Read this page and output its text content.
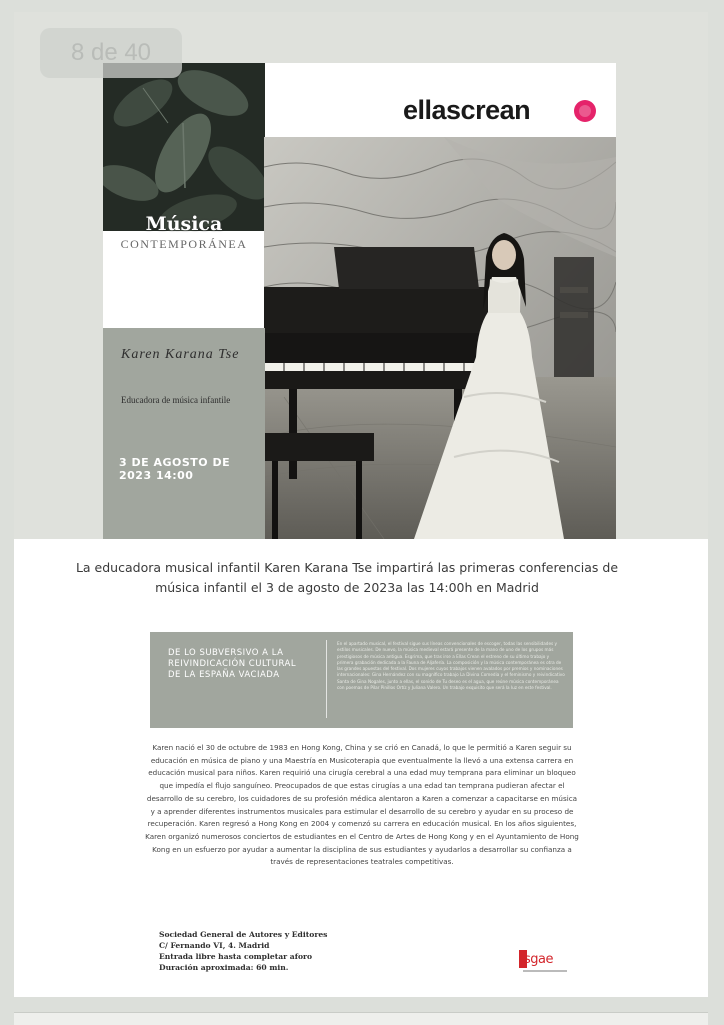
8 de 40
Música
CONTEMPORÁNEA
ellascrean
Karen Karana Tse
Educadora de música infantile
3 DE AGOSTO DE 2023 14:00
La educadora musical infantil Karen Karana Tse impartirá las primeras conferencias de música infantil el 3 de agosto de 2023a las 14:00h en Madrid
DE LO SUBVERSIVO A LA REIVINDICACIÓN CULTURAL DE LA ESPAÑA VACIADA
En el apartado musical, el festival sigue sus líneas convencionales de escoger, todas las sensibilidades y estilos musicales. De nuevo, la música medieval estará presente de la mano de uno de los grupos más prestigiosos de música antigua. Esgrima, que tras irse a Ellas Crean el estreno de su último trabajo y primera grabación dedicada a la Fauna de Aljafería. La composición y la música contemporánea es otra de las grandes apuestas del festival. Dos mujeres cuyos trabajos vienen avalados por premios y nominaciones internacionales: Gina Hernández con su magnífico trabajo La Divina Comedia y el feminismo y reivindicativo Santa de Gina Nogales, junto a ellas, el sonido de Tu deseo es el agua, que reúne música contemporánea con poemas de Pilar Pinillos Ortíz y Juliana Valero. Un trabajo exquisito que será la luz en este festival.
Karen nació el 30 de octubre de 1983 en Hong Kong, China y se crió en Canadá, lo que le permitió a Karen seguir su educación en música de piano y una Maestría en Musicoterapia que eventualmente la llevó a una extensa carrera en educación musical para niños. Karen requirió una cirugía cerebral a una edad muy temprana para eliminar un bloqueo que impedía el flujo sanguíneo. Preocupados de que estas cirugías a una edad tan temprana pudieran afectar el desarrollo de su cerebro, los cuidadores de su profesión médica alentaron a Karen a comenzar a capacitarse en música y a aprender diferentes instrumentos musicales para estimular el desarrollo de su cerebro y ayudar en su proceso de recuperación. Karen regresó a Hong Kong en 2004 y comenzó su carrera en educación musical. En los años siguientes, Karen organizó numerosos conciertos de estudiantes en el Centro de Artes de Hong Kong y en el Ayuntamiento de Hong Kong en un esfuerzo por ayudar a aumentar la disciplina de sus estudiantes y ayudarlos a desarrollar su confianza a través de representaciones teatrales competitivas.
Sociedad General de Autores y Editores
C/ Fernando VI, 4. Madrid
Entrada libre hasta completar aforo
Duración aproximada: 60 min.
sgae
